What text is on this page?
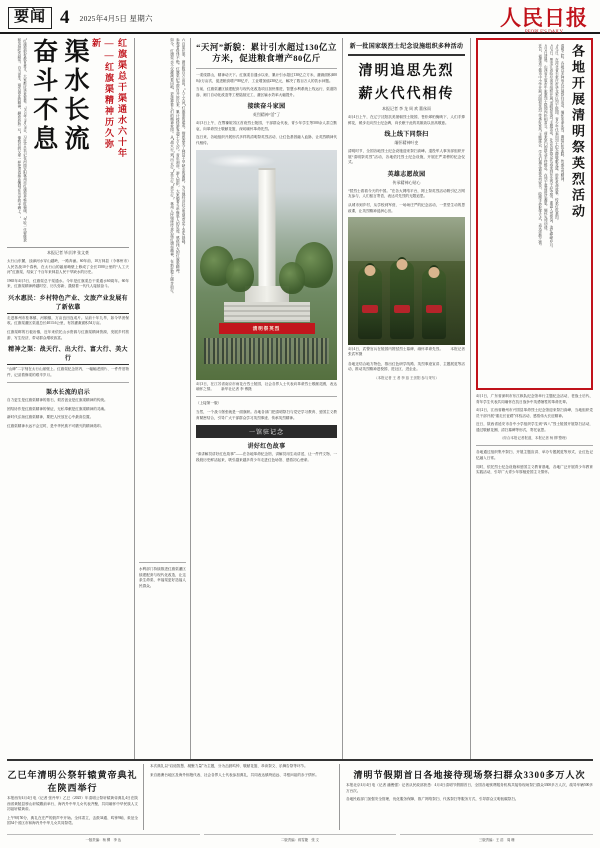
要闻 4 2025年4月5日 星期六	人民日报
PEOPLE'S DAILY
红旗渠总干渠通水六十年——红旗渠精神历久弥新
渠水长流
奋斗不息
“红旗渠很有教育意义，大家都应该来看看。”2022年10月28日，习近平总书记在河南安阳林州市红旗渠考察时强调，“年轻一代要继承和发扬吃苦耐劳、自力更生、艰苦创业的精神，摒弃骄娇二气，像我们的父辈一样把青春热血镌刻在历史的丰碑上。”
本报记者 毕京津 张文豪

太行山东麓，浊漳河水穿山越岭，一路奔涌。60年前，10万林县（今林州市）人民苦战10个春秋，在太行山的悬崖峭壁上修成了全长1500公里的“人工天河”红旗渠，结束了千百年来林县人民干旱缺水的历史。

1965年4月5日，红旗渠总干渠通水。今年是红旗渠总干渠通水60周年。60年来，红旗渠精神跨越时空、历久弥新，激励着一代代人接续奋斗。

兴水惠民：乡村特色产业、文旅产业发展有了新依靠

走进林州市桂林镇、河顺镇，万亩良田连成片。从前十年九旱，如今旱涝保收。红旗渠灌区渠道总长4013.6公里，有效灌溉面积54万亩。

红旗渠畔的石板岩镇，近年来依托山水资源与红旗渠精神资源，发展乡村旅游、写生经济，带动群众增收致富。

精神之渠：战天行、出大行、富大行、美大行

“山碑”二字刻在太行山崖壁上。红旗渠纪念馆内，一幅幅老照片、一件件旧物件，记录着修渠的艰辛岁月。

渠水长流的启示

自力更生是红旗渠精神的基石，艰苦创业是红旗渠精神的传统。

团结协作是红旗渠精神的保证，无私奉献是红旗渠精神的灵魂。

新时代弘扬红旗渠精神，要把人民放在心中最高位置。

红旗渠精神永远不会过时，是中华民族不可磨灭的精神烙印。

六百里长渠，润泽数百万亩田。“人工天河”红旗渠的建成，彻底改变了林县干旱缺水的面貌，为当地经济社会发展奠定了坚实基础。
参观者络绎不绝。红旗渠纪念馆自开馆以来，累计接待游客超千万人次。青年洞前，游人如织，大家循着当年修渠人的足迹，感悟伟大的红旗渠精神。
如今，红旗渠水不仅灌溉着田地，更滋养着人们的精神家园。从“战太行”到“出太行”“富太行”“美太行”，林州人民始终传承弘扬红旗渠精神，在新征程上阔步前行。

水利部门持续推进红旗渠灌区续建配套与现代化改造，让这条生命渠、幸福渠更好造福人民群众。

“天河”新貌：累计引水超过130亿立方米，促进粮食增产80亿斤

一渠绕群山，精神动天下。红旗渠自通水以来，累计引水超过130亿立方米，灌溉面积4000余万亩次，促进粮食增产80亿斤，工业增加值230亿元，解决了数百万人的饮水问题。

当前，红旗渠灌区续建配套与现代化改造项目加快推进，智慧水利系统上线运行，渠道防渗、闸门自动化改造等工程陆续完工，灌区输水效率大幅提升。

接续奋斗家园
英烈精神“活”了

4月3日上午，在鄂豫皖苏区首府烈士陵园，干部群众代表、青少年学生等500余人肃立默哀，向革命烈士敬献花篮，深切缅怀革命先烈。

连日来，各地组织开展形式多样的清明祭英烈活动，让红色基因融入血脉，让英烈精神代代相传。

清明祭英烈

4月3日，在江苏省南京市雨花台烈士陵园，社会各界人士代表向革命烈士敬献花圈，表达缅怀之情。　　新华社记者 李 博摄

（上接第一版）

当然，一个战斗堡垒就是一面旗帜。各地各部门把清明祭扫与党史学习教育、爱国主义教育紧密结合，引导广大干部群众学习英烈事迹、传承英烈精神。

一馆驻记念
讲好红色故事

“请讲解员讲好红色故事”——在各地革命纪念馆，讲解员用生动讲述，让一件件文物、一段段历史鲜活起来，吸引越来越多青少年走进红色场馆、感悟初心使命。

新一批国家级烈士纪念设施组织多种活动
清明追思先烈
薪火代代相传
本报记者 李 龙 周 欢 董丝雨

4月4日上午，在辽宁沈阳抗美援朝烈士陵园，苍松翠柏掩映下，人们手捧鲜花，缓步走向烈士纪念碑，向长眠于此的英雄致以崇高敬意。

线上线下同祭扫
缅怀精神叶史

清明时节，全国各地烈士纪念设施迎来祭扫高峰。退役军人事务部组织开展“清明祭英烈”活动，各地依托烈士纪念设施，开展庄严肃穆的纪念仪式。

英雄志愿故园
传承精神心贴心

“替烈士看看今天的中国。”在各大网络平台，网上祭英烈活动吸引亿万网友参与，人们留言寄语，表达对先烈的无限追思。

从城市到乡村，从学校到军营，一场场庄严的纪念活动，一堂堂生动的思政课，让英烈精神浸润心田。

4月4日，武警官兵在陵园内擦拭烈士墓碑，缅怀革命先烈。　　本报记者 张武军摄

各地还结合地方特色，推出红色研学线路、英烈事迹宣讲、主题展览等活动，推动英烈精神进校园、进社区、进企业。

（本报记者 王 者 李 蕊 王崇阳 参与采写）
各地开展清明祭英烈活动
清明之际，各地以多种形式开展祭扫活动，缅怀革命先烈，赓续红色血脉、传承英烈精神。
4月3日，在河北省石家庄市华北军区烈士陵园，青少年代表向烈士纪念碑敬献花篮，聆听革命故事，传承红色基因。
4月2日，黑龙江省哈尔滨市组织开展“清明祭英烈”主题活动，社会各界群众代表来到东北烈士纪念馆，重温入党誓词，追忆峥嵘岁月。
4月4日清晨，山西省太原市牛驼寨烈士陵园内松柏肃立，前来祭扫的群众手持鲜花，在烈士墓前驻足凝思，缅怀先烈功绩。
近日，福建省宁德市中小学开展“清明祭英烈·传承好家风”主题班会，学生们通过诵读英烈家书、绘制手抄报等方式，表达崇敬之情。

4月1日，广东省深圳市东江纵队纪念馆举行主题纪念活动，老战士后代、青年学生代表共同缅怀在抗日战争中英勇牺牲的革命先辈。

4月2日，江西省赣州市兴国县革命烈士纪念馆迎来祭扫高峰，当地组织党员干部开展“重走长征路”体验活动，感悟伟大长征精神。

近日，陕西省延安市各中小学组织学生到“四八”烈士陵园开展祭扫活动，通过敬献花圈、清扫墓碑等形式，寄托哀思。

（综合本报记者报道，本报记者 杨 柳 整理）

各地通过组织集中祭扫、开展主题宣讲、举办专题展览等形式，让红色记忆融入日常。

同时，依托烈士纪念设施和爱国主义教育基地，各地广泛开展青少年教育实践活动，引导广大青少年厚植爱国主义情怀。

乙巳年清明公祭轩辕黄帝典礼在陕西举行

本报西安4月4日电（记者 张丹华）乙巳（2025）年清明公祭轩辕黄帝典礼4日在陕西省黄陵县桥山轩辕殿前举行，海内外中华儿女代表齐聚，共同缅怀中华民族人文初祖轩辕黄帝。

上午9时50分，典礼在庄严的鼓声中开始。全体肃立，击鼓34通、鸣钟9响，象征全国34个省区市和海内外中华儿女共同祭奠。

本次典礼以“启迪智慧、凝聚力量”为主题，分为击鼓鸣钟、敬献花篮、恭读祭文、乐舞告祭等环节。

来自港澳台地区及海外侨胞代表、社会各界人士代表参加典礼，共同表达慎终追远、寻根问祖的赤子情怀。	清明节假期首日各地接待现场祭扫群众3300多万人次

本报北京4月4日电（记者 潘俊强）记者从民政部获悉：4月4日清明节假期首日，全国各地殡葬服务机构共接待现场祭扫群众3300多万人次，疏导车辆500多万台次。

各地民政部门加强安全管理，优化服务保障，推广网络祭扫、代客祭扫等服务方式，引导群众文明低碳祭扫。

一版责编：杨 柳　李 达	二版责编：蒋雪婕　张 文	三版责编：王 浩　周 珊
